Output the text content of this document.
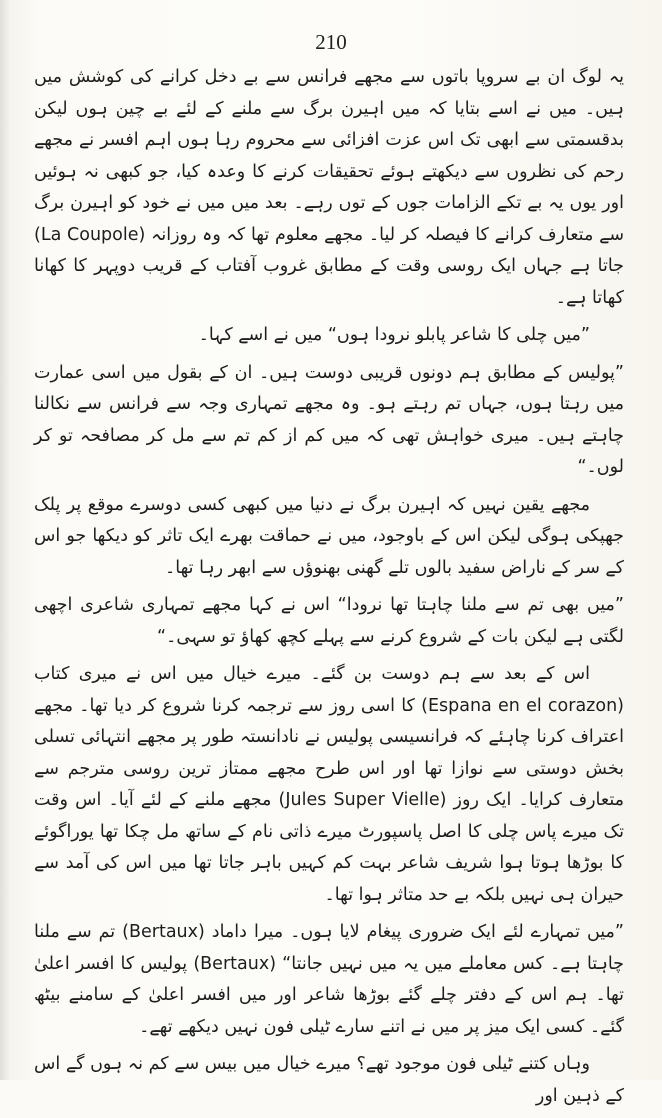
210

یہ لوگ ان بے سروپا باتوں سے مجھے فرانس سے بے دخل کرانے کی کوشش میں ہیں۔ میں نے اسے بتایا کہ میں اہیرن برگ سے ملنے کے لئے بے چین ہوں لیکن بدقسمتی سے ابھی تک اس عزت افزائی سے محروم رہا ہوں اہم افسر نے مجھے رحم کی نظروں سے دیکھتے ہوئے تحقیقات کرنے کا وعدہ کیا، جو کبھی نہ ہوئیں اور یوں یہ بے تکے الزامات جوں کے توں رہے۔ بعد میں میں نے خود کو اہیرن برگ سے متعارف کرانے کا فیصلہ کر لیا۔ مجھے معلوم تھا کہ وہ روزانہ (La Coupole) جاتا ہے جہاں ایک روسی وقت کے مطابق غروب آفتاب کے قریب دوپہر کا کھانا کھاتا ہے۔

”میں چلی کا شاعر پابلو نرودا ہوں“ میں نے اسے کہا۔

”پولیس کے مطابق ہم دونوں قریبی دوست ہیں۔ ان کے بقول میں اسی عمارت میں رہتا ہوں، جہاں تم رہتے ہو۔ وہ مجھے تمہاری وجہ سے فرانس سے نکالنا چاہتے ہیں۔ میری خواہش تھی کہ میں کم از کم تم سے مل کر مصافحہ تو کر لوں۔“

مجھے یقین نہیں کہ اہیرن برگ نے دنیا میں کبھی کسی دوسرے موقع پر پلک جھپکی ہوگی لیکن اس کے باوجود، میں نے حماقت بھرے ایک تاثر کو دیکھا جو اس کے سر کے ناراض سفید بالوں تلے گھنی بھنوؤں سے ابھر رہا تھا۔

”میں بھی تم سے ملنا چاہتا تھا نرودا“ اس نے کہا مجھے تمہاری شاعری اچھی لگتی ہے لیکن بات کے شروع کرنے سے پہلے کچھ کھاؤ تو سہی۔“

اس کے بعد سے ہم دوست بن گئے۔ میرے خیال میں اس نے میری کتاب (Espana en el corazon) کا اسی روز سے ترجمہ کرنا شروع کر دیا تھا۔ مجھے اعتراف کرنا چاہئے کہ فرانسیسی پولیس نے نادانستہ طور پر مجھے انتہائی تسلی بخش دوستی سے نوازا تھا اور اس طرح مجھے ممتاز ترین روسی مترجم سے متعارف کرایا۔ ایک روز (Jules Super Vielle) مجھے ملنے کے لئے آیا۔ اس وقت تک میرے پاس چلی کا اصل پاسپورٹ میرے ذاتی نام کے ساتھ مل چکا تھا یوراگوئے کا بوڑھا ہوتا ہوا شریف شاعر بہت کم کہیں باہر جاتا تھا میں اس کی آمد سے حیران ہی نہیں بلکہ بے حد متاثر ہوا تھا۔

”میں تمہارے لئے ایک ضروری پیغام لایا ہوں۔ میرا داماد (Bertaux) تم سے ملنا چاہتا ہے۔ کس معاملے میں یہ میں نہیں جانتا“ (Bertaux) پولیس کا افسر اعلیٰ تھا۔ ہم اس کے دفتر چلے گئے بوڑھا شاعر اور میں افسر اعلیٰ کے سامنے بیٹھ گئے۔ کسی ایک میز پر میں نے اتنے سارے ٹیلی فون نہیں دیکھے تھے۔

وہاں کتنے ٹیلی فون موجود تھے؟ میرے خیال میں بیس سے کم نہ ہوں گے اس کے ذہین اور
